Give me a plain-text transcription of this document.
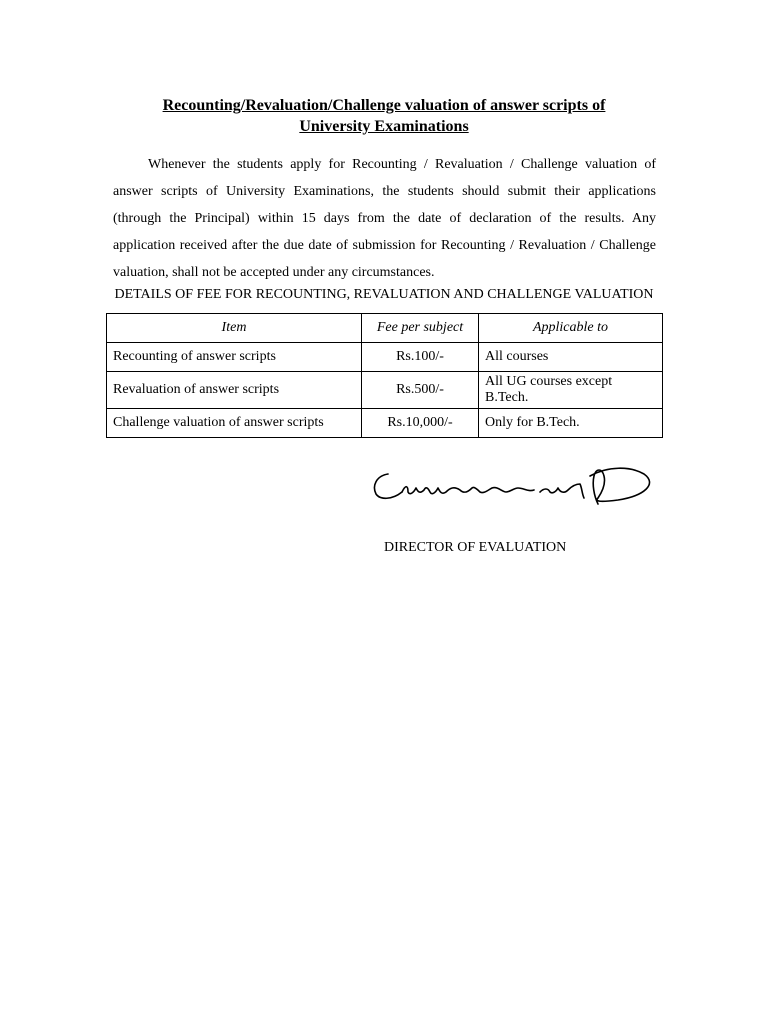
Recounting/Revaluation/Challenge valuation of answer scripts of
University Examinations

Whenever the students apply for Recounting / Revaluation / Challenge valuation of answer scripts of University Examinations, the students should submit their applications (through the Principal) within 15 days from the date of declaration of the results. Any application received after the due date of submission for Recounting / Revaluation / Challenge valuation, shall not be accepted under any circumstances.

DETAILS OF FEE FOR RECOUNTING, REVALUATION AND CHALLENGE VALUATION
Item	Fee per subject	Applicable to
Recounting of answer scripts	Rs.100/-	All courses
Revaluation of answer scripts	Rs.500/-	All UG courses except B.Tech.
Challenge valuation of answer scripts	Rs.10,000/-	Only for B.Tech.
DIRECTOR OF EVALUATION
